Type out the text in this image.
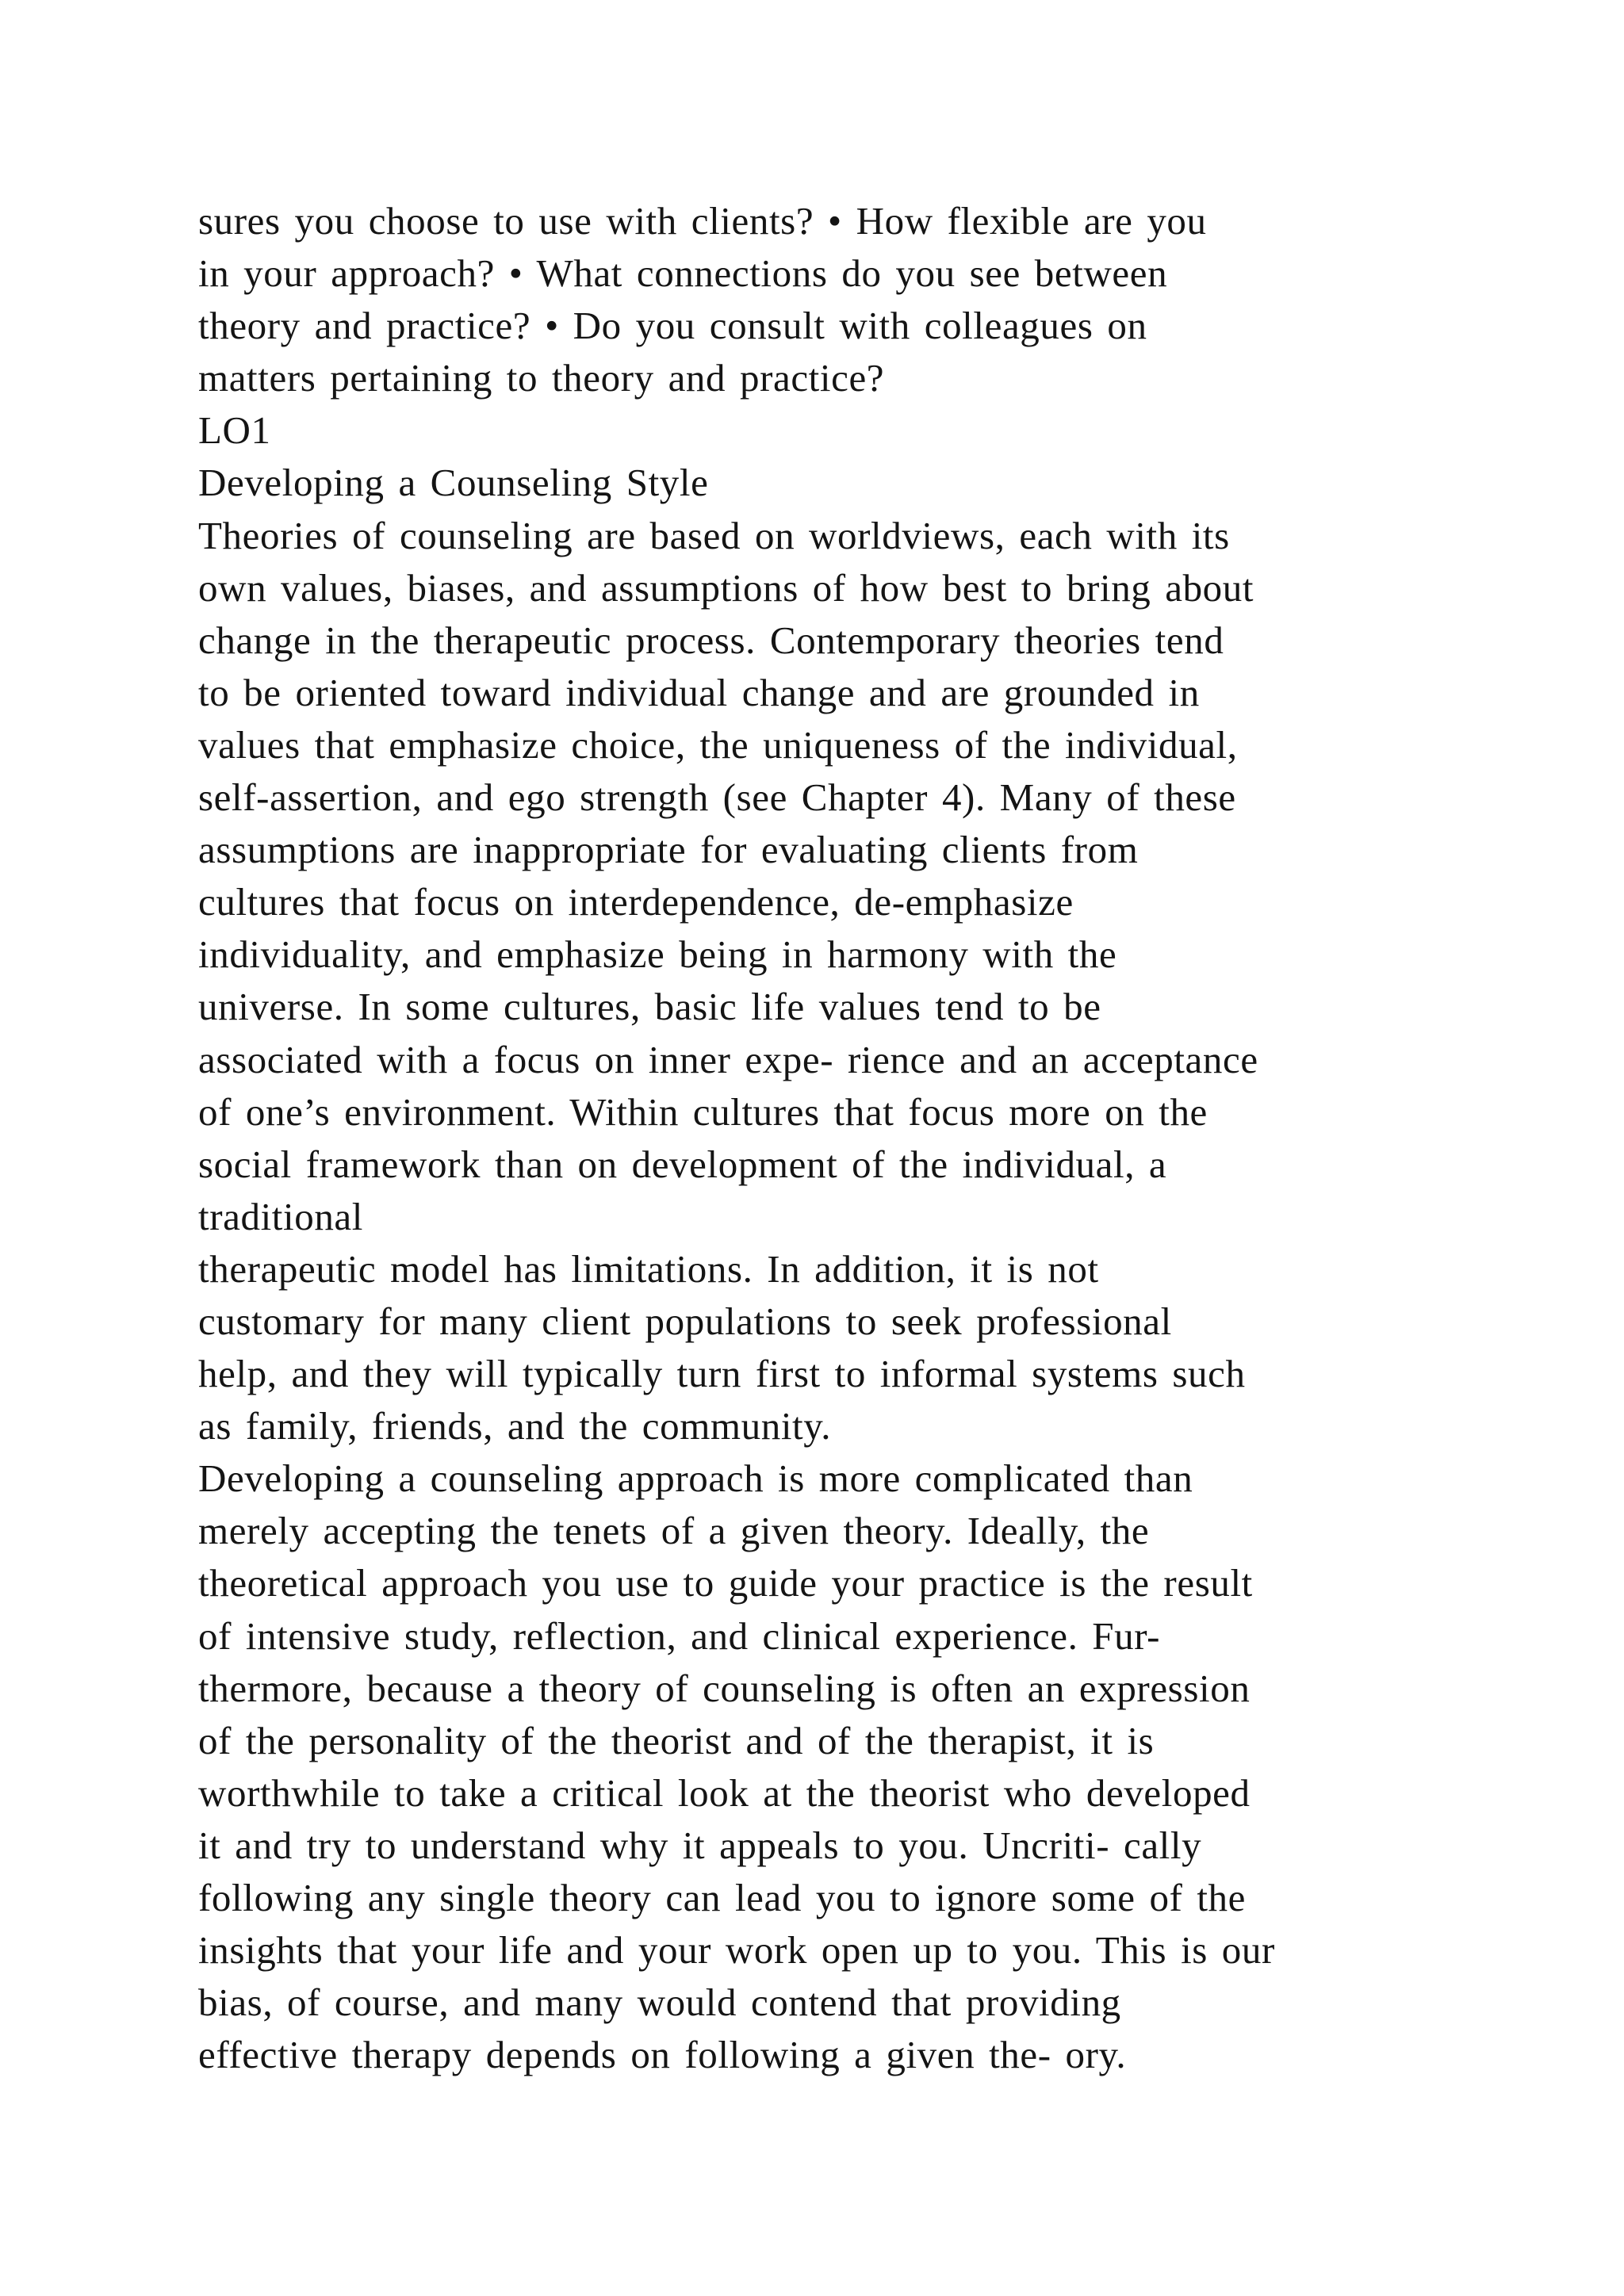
sures you choose to use with clients? • How flexible are you
in your approach? • What connections do you see between
theory and practice? • Do you consult with colleagues on
matters pertaining to theory and practice?
LO1
Developing a Counseling Style
Theories of counseling are based on worldviews, each with its
own values, biases, and assumptions of how best to bring about
change in the therapeutic process. Contemporary theories tend
to be oriented toward individual change and are grounded in
values that emphasize choice, the uniqueness of the individual,
self-assertion, and ego strength (see Chapter 4). Many of these
assumptions are inappropriate for evaluating clients from
cultures that focus on interdependence, de-emphasize
individuality, and emphasize being in harmony with the
universe. In some cultures, basic life values tend to be
associated with a focus on inner expe- rience and an acceptance
of one’s environment. Within cultures that focus more on the
social framework than on development of the individual, a
traditional
therapeutic model has limitations. In addition, it is not
customary for many client populations to seek professional
help, and they will typically turn first to informal systems such
as family, friends, and the community.
Developing a counseling approach is more complicated than
merely accepting the tenets of a given theory. Ideally, the
theoretical approach you use to guide your practice is the result
of intensive study, reflection, and clinical experience. Fur-
thermore, because a theory of counseling is often an expression
of the personality of the theorist and of the therapist, it is
worthwhile to take a critical look at the theorist who developed
it and try to understand why it appeals to you. Uncriti- cally
following any single theory can lead you to ignore some of the
insights that your life and your work open up to you. This is our
bias, of course, and many would contend that providing
effective therapy depends on following a given the- ory.
